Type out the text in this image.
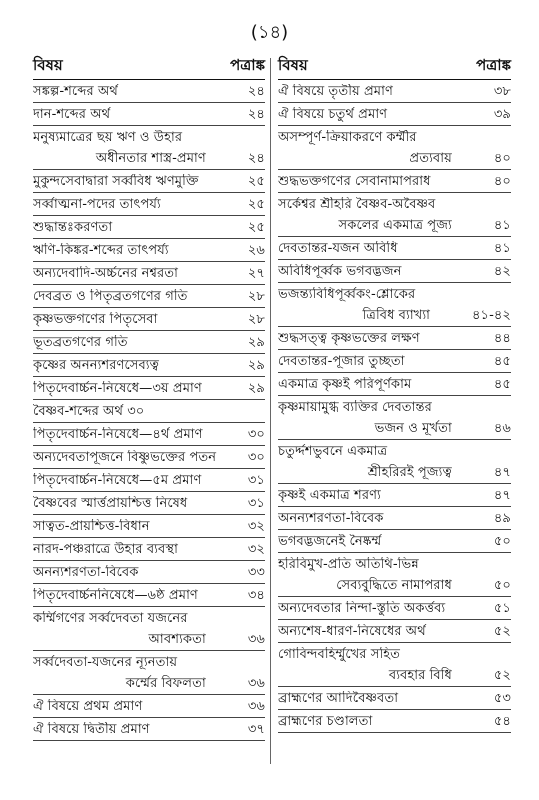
(১৪)
বিষয়	পত্রাঙ্ক
সঙ্কল্প-শব্দের অর্থ	২৪
দান-শব্দের অর্থ	২৪
মনুষ্যমাত্রের ছয় ঋণ ও উহার
অধীনতার শাস্ত্র-প্রমাণ	২৪
মুকুন্দসেবাদ্বারা সর্ব্ববিধ ঋণমুক্তি	২৫
সর্ব্বাত্মনা-পদের তাৎপর্য্য	২৫
শুদ্ধান্তঃকরণতা	২৫
ঋণি-কিঙ্কর-শব্দের তাৎপর্য্য	২৬
অন্যদেবাদি-অর্চ্চনের নশ্বরতা	২৭
দেবব্রত ও পিতৃব্রতগণের গতি	২৮
কৃষ্ণভক্তগণের পিতৃসেবা	২৮
ভূতব্রতগণের গতি	২৯
কৃষ্ণের অনন্যশরণসেব্যত্ব	২৯
পিতৃদেবার্চ্চন-নিষেধে—৩য় প্রমাণ	২৯
বৈষ্ণব-শব্দের অর্থ ৩০
পিতৃদেবার্চ্চন-নিষেধে—৪র্থ প্রমাণ	৩০
অন্যদেবতাপূজনে বিষ্ণুভক্তের পতন	৩০
পিতৃদেবার্চ্চন-নিষেধে—৫ম প্রমাণ	৩১
বৈষ্ণবের স্মার্ত্তপ্রায়শ্চিত্ত নিষেধ	৩১
সাত্বত-প্রায়শ্চিত্ত-বিধান	৩২
নারদ-পঞ্চরাত্রে উহার ব্যবস্থা	৩২
অনন্যশরণতা-বিবেক	৩৩
পিতৃদেবার্চ্চননিষেধে—৬ষ্ঠ প্রমাণ	৩৪
কর্ম্মিগণের সর্ব্বদেবতা যজনের
আবশ্যকতা	৩৬
সর্ব্বদেবতা-যজনের ন্যূনতায়
কর্ম্মের বিফলতা	৩৬
ঐ বিষয়ে প্রথম প্রমাণ	৩৬
ঐ বিষয়ে দ্বিতীয় প্রমাণ	৩৭
বিষয়	পত্রাঙ্ক
ঐ বিষয়ে তৃতীয় প্রমাণ	৩৮
ঐ বিষয়ে চতুর্থ প্রমাণ	৩৯
অসম্পূর্ণ-ক্রিয়াকরণে কর্ম্মীর
প্রত্যবায়	৪০
শুদ্ধভক্তগণের সেবানামাপরাধ	৪০
সর্কেশ্বর শ্রীহরি বৈষ্ণব-অবৈষ্ণব
সকলের একমাত্র পূজ্য	৪১
দেবতান্তর-যজন অবিধি	৪১
অবিধিপূর্ব্বক ভগবদ্ভজন	৪২
ভজন্ত্যবিধিপূর্ব্বকং-শ্লোকের
ত্রিবিধ ব্যাখ্যা	৪১-৪২
শুদ্ধসত্ত্ব কৃষ্ণভক্তের লক্ষণ	৪৪
দেবতান্তর-পূজার তুচ্ছতা	৪৫
একমাত্র কৃষ্ণই পরিপূর্ণকাম	৪৫
কৃষ্ণমায়ামুগ্ধ ব্যক্তির দেবতান্তর
ভজন ও মূর্খতা	৪৬
চতুর্দ্দশভুবনে একমাত্র
শ্রীহরিরই পূজ্যত্ব	৪৭
কৃষ্ণই একমাত্র শরণ্য	৪৭
অনন্যশরণতা-বিবেক	৪৯
ভগবদ্ভজনেই নৈষ্কর্ম্ম	৫০
হরিবিমুখ-প্রতি অতিথি-ভিন্ন
সেব্যবুদ্ধিতে নামাপরাধ	৫০
অন্যদেবতার নিন্দা-স্তুতি অকর্ত্তব্য	৫১
অন্যশেষ-ধারণ-নিষেধের অর্থ	৫২
গোবিন্দবহির্ম্মুখের সহিত
ব্যবহার বিধি	৫২
ব্রাহ্মণের আদিবৈষ্ণবতা	৫৩
ব্রাহ্মণের চণ্ডালতা	৫৪
